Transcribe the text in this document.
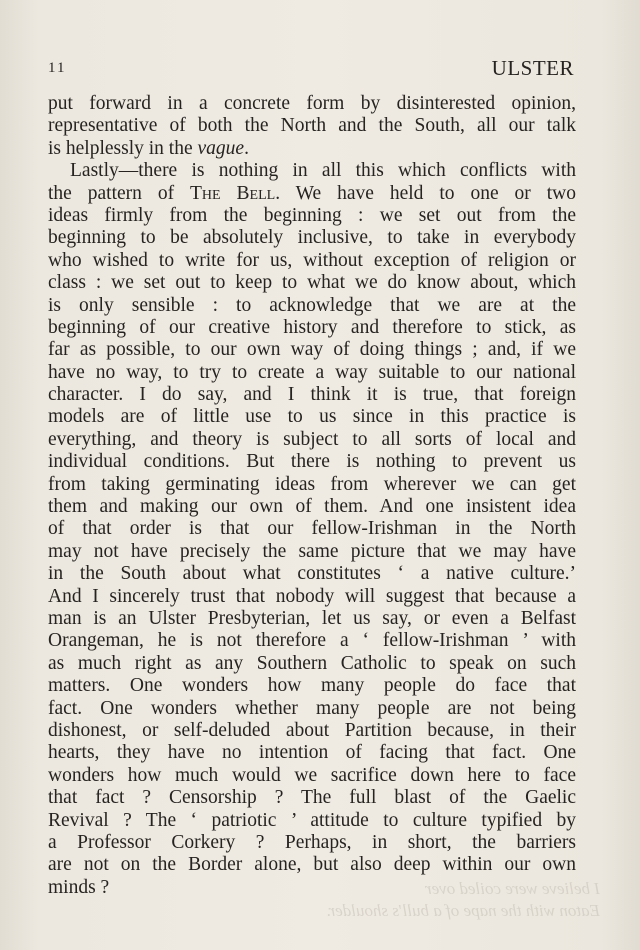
11	ULSTER
put forward in a concrete form by disinterested opinion,
representative of both the North and the South, all our talk
is helplessly in the vague.
Lastly—there is nothing in all this which conflicts with
the pattern of The Bell. We have held to one or two
ideas firmly from the beginning : we set out from the
beginning to be absolutely inclusive, to take in everybody
who wished to write for us, without exception of religion or
class : we set out to keep to what we do know about, which
is only sensible : to acknowledge that we are at the
beginning of our creative history and therefore to stick, as
far as possible, to our own way of doing things ; and, if we
have no way, to try to create a way suitable to our national
character. I do say, and I think it is true, that foreign
models are of little use to us since in this practice is
everything, and theory is subject to all sorts of local and
individual conditions. But there is nothing to prevent us
from taking germinating ideas from wherever we can get
them and making our own of them. And one insistent idea
of that order is that our fellow-Irishman in the North
may not have precisely the same picture that we may have
in the South about what constitutes ‘ a native culture.’
And I sincerely trust that nobody will suggest that because a
man is an Ulster Presbyterian, let us say, or even a Belfast
Orangeman, he is not therefore a ‘ fellow-Irishman ’ with
as much right as any Southern Catholic to speak on such
matters. One wonders how many people do face that
fact. One wonders whether many people are not being
dishonest, or self-deluded about Partition because, in their
hearts, they have no intention of facing that fact. One
wonders how much would we sacrifice down here to face
that fact ? Censorship ? The full blast of the Gaelic
Revival ? The ‘ patriotic ’ attitude to culture typified by
a Professor Corkery ? Perhaps, in short, the barriers
are not on the Border alone, but also deep within our own
minds ?	I believe were coiled over
Eaton with the nape of a bull's shoulder.
